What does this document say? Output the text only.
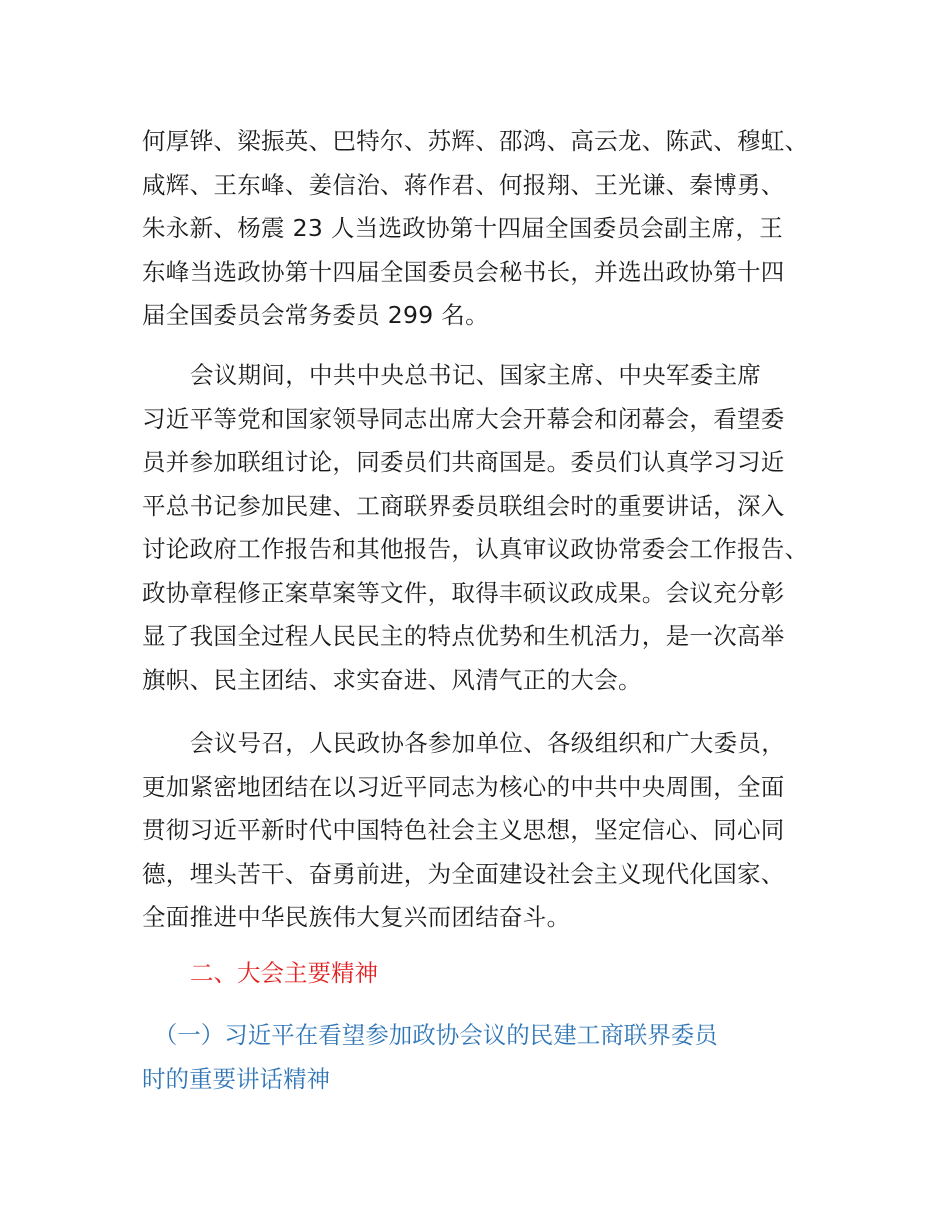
何厚铧、梁振英、巴特尔、苏辉、邵鸿、高云龙、陈武、穆虹、
咸辉、王东峰、姜信治、蒋作君、何报翔、王光谦、秦博勇、
朱永新、杨震 23 人当选政协第十四届全国委员会副主席，王
东峰当选政协第十四届全国委员会秘书长，并选出政协第十四
届全国委员会常务委员 299 名。

会议期间，中共中央总书记、国家主席、中央军委主席
习近平等党和国家领导同志出席大会开幕会和闭幕会，看望委
员并参加联组讨论，同委员们共商国是。委员们认真学习习近
平总书记参加民建、工商联界委员联组会时的重要讲话，深入
讨论政府工作报告和其他报告，认真审议政协常委会工作报告、
政协章程修正案草案等文件，取得丰硕议政成果。会议充分彰
显了我国全过程人民民主的特点优势和生机活力，是一次高举
旗帜、民主团结、求实奋进、风清气正的大会。

会议号召，人民政协各参加单位、各级组织和广大委员，
更加紧密地团结在以习近平同志为核心的中共中央周围，全面
贯彻习近平新时代中国特色社会主义思想，坚定信心、同心同
德，埋头苦干、奋勇前进，为全面建设社会主义现代化国家、
全面推进中华民族伟大复兴而团结奋斗。

二、大会主要精神
　（一）习近平在看望参加政协会议的民建工商联界委员
时的重要讲话精神
